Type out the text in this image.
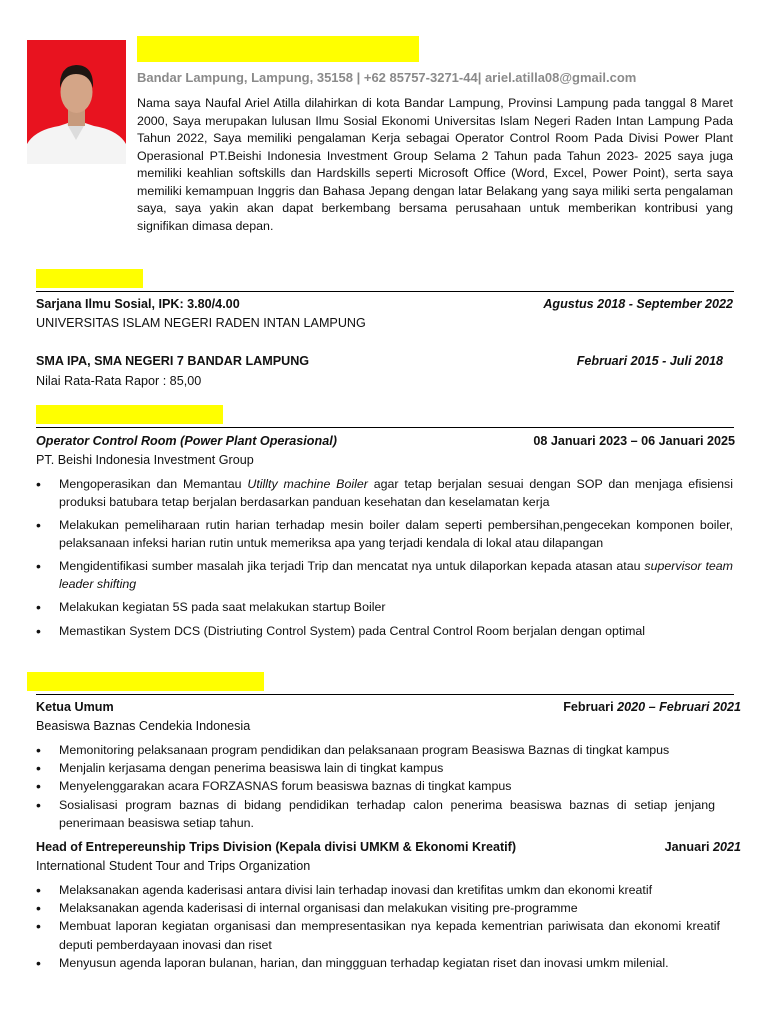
Bandar Lampung, Lampung, 35158 | +62 85757-3271-44| ariel.atilla08@gmail.com

Nama saya Naufal Ariel Atilla dilahirkan di kota Bandar Lampung, Provinsi Lampung pada tanggal 8 Maret 2000, Saya merupakan lulusan Ilmu Sosial Ekonomi Universitas Islam Negeri Raden Intan Lampung Pada Tahun 2022, Saya memiliki pengalaman Kerja sebagai Operator Control Room Pada Divisi Power Plant Operasional PT.Beishi Indonesia Investment Group Selama 2 Tahun pada Tahun 2023- 2025 saya juga memiliki keahlian softskills dan Hardskills seperti Microsoft Office (Word, Excel, Power Point), serta saya memiliki kemampuan Inggris dan Bahasa Jepang dengan latar Belakang yang saya miliki serta pengalaman saya, saya yakin akan dapat berkembang bersama perusahaan untuk memberikan kontribusi yang signifikan dimasa depan.

Sarjana Ilmu Sosial, IPK: 3.80/4.00	Agustus 2018 - September 2022
UNIVERSITAS ISLAM NEGERI RADEN INTAN LAMPUNG
SMA IPA, SMA NEGERI 7 BANDAR LAMPUNG	Februari 2015 - Juli 2018
Nilai Rata-Rata Rapor : 85,00
Operator Control Room (Power Plant Operasional)	08 Januari 2023 – 06 Januari 2025
PT. Beishi Indonesia Investment Group
• Mengoperasikan dan Memantau Utillty machine Boiler agar tetap berjalan sesuai dengan SOP dan menjaga efisiensi produksi batubara tetap berjalan berdasarkan panduan kesehatan dan keselamatan kerja
• Melakukan pemeliharaan rutin harian terhadap mesin boiler dalam seperti pembersihan,pengecekan komponen boiler, pelaksanaan infeksi harian rutin untuk memeriksa apa yang terjadi kendala di lokal atau dilapangan
• Mengidentifikasi sumber masalah jika terjadi Trip dan mencatat nya untuk dilaporkan kepada atasan atau supervisor team leader shifting
• Melakukan kegiatan 5S pada saat melakukan startup Boiler
• Memastikan System DCS (Distriuting Control System) pada Central Control Room berjalan dengan optimal
Ketua Umum	Februari 2020 – Februari 2021
Beasiswa Baznas Cendekia Indonesia
• Memonitoring pelaksanaan program pendidikan dan pelaksanaan program Beasiswa Baznas di tingkat kampus
• Menjalin kerjasama dengan penerima beasiswa lain di tingkat kampus
• Menyelenggarakan acara FORZASNAS forum beasiswa baznas di tingkat kampus
• Sosialisasi program baznas di bidang pendidikan terhadap calon penerima beasiswa baznas di setiap jenjang penerimaan beasiswa setiap tahun.
Head of Entrepereunship Trips Division (Kepala divisi UMKM & Ekonomi Kreatif)	Januari 2021
International Student Tour and Trips Organization
• Melaksanakan agenda kaderisasi antara divisi lain terhadap inovasi dan kretifitas umkm dan ekonomi kreatif
• Melaksanakan agenda kaderisasi di internal organisasi dan melakukan visiting pre-programme
• Membuat laporan kegiatan organisasi dan mempresentasikan nya kepada kementrian pariwisata dan ekonomi kreatif deputi pemberdayaan inovasi dan riset
• Menyusun agenda laporan bulanan, harian, dan minggguan terhadap kegiatan riset dan inovasi umkm milenial.
